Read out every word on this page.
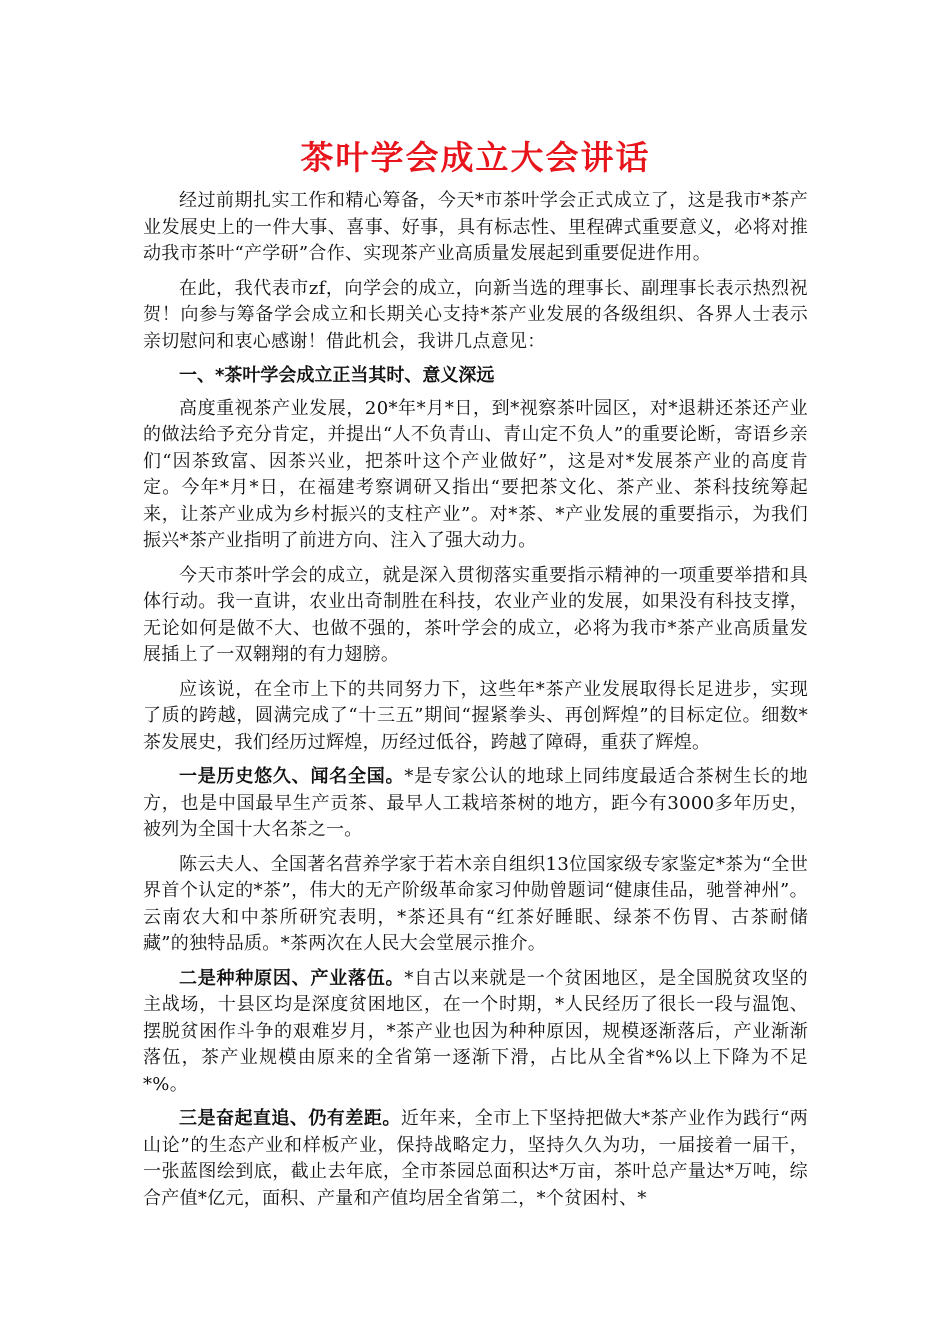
茶叶学会成立大会讲话

经过前期扎实工作和精心筹备，今天*市茶叶学会正式成立了，这是我市*茶产业发展史上的一件大事、喜事、好事，具有标志性、里程碑式重要意义，必将对推动我市茶叶“产学研”合作、实现茶产业高质量发展起到重要促进作用。

在此，我代表市zf，向学会的成立，向新当选的理事长、副理事长表示热烈祝贺！向参与筹备学会成立和长期关心支持*茶产业发展的各级组织、各界人士表示亲切慰问和衷心感谢！借此机会，我讲几点意见：

一、*茶叶学会成立正当其时、意义深远

高度重视茶产业发展，20*年*月*日，到*视察茶叶园区，对*退耕还茶还产业的做法给予充分肯定，并提出“人不负青山、青山定不负人”的重要论断，寄语乡亲们“因茶致富、因茶兴业，把茶叶这个产业做好”，这是对*发展茶产业的高度肯定。今年*月*日，在福建考察调研又指出“要把茶文化、茶产业、茶科技统筹起来，让茶产业成为乡村振兴的支柱产业”。对*茶、*产业发展的重要指示，为我们振兴*茶产业指明了前进方向、注入了强大动力。

今天市茶叶学会的成立，就是深入贯彻落实重要指示精神的一项重要举措和具体行动。我一直讲，农业出奇制胜在科技，农业产业的发展，如果没有科技支撑，无论如何是做不大、也做不强的，茶叶学会的成立，必将为我市*茶产业高质量发展插上了一双翱翔的有力翅膀。

应该说，在全市上下的共同努力下，这些年*茶产业发展取得长足进步，实现了质的跨越，圆满完成了“十三五”期间“握紧拳头、再创辉煌”的目标定位。细数*茶发展史，我们经历过辉煌，历经过低谷，跨越了障碍，重获了辉煌。

一是历史悠久、闻名全国。*是专家公认的地球上同纬度最适合茶树生长的地方，也是中国最早生产贡茶、最早人工栽培茶树的地方，距今有3000多年历史，被列为全国十大名茶之一。

陈云夫人、全国著名营养学家于若木亲自组织13位国家级专家鉴定*茶为“全世界首个认定的*茶”，伟大的无产阶级革命家习仲勋曾题词“健康佳品，驰誉神州”。云南农大和中茶所研究表明，*茶还具有“红茶好睡眠、绿茶不伤胃、古茶耐储藏”的独特品质。*茶两次在人民大会堂展示推介。

二是种种原因、产业落伍。*自古以来就是一个贫困地区，是全国脱贫攻坚的主战场，十县区均是深度贫困地区，在一个时期，*人民经历了很长一段与温饱、摆脱贫困作斗争的艰难岁月，*茶产业也因为种种原因，规模逐渐落后，产业渐渐落伍，茶产业规模由原来的全省第一逐渐下滑，占比从全省*%以上下降为不足*%。

三是奋起直追、仍有差距。近年来，全市上下坚持把做大*茶产业作为践行“两山论”的生态产业和样板产业，保持战略定力，坚持久久为功，一届接着一届干，一张蓝图绘到底，截止去年底，全市茶园总面积达*万亩，茶叶总产量达*万吨，综合产值*亿元，面积、产量和产值均居全省第二，*个贫困村、*
